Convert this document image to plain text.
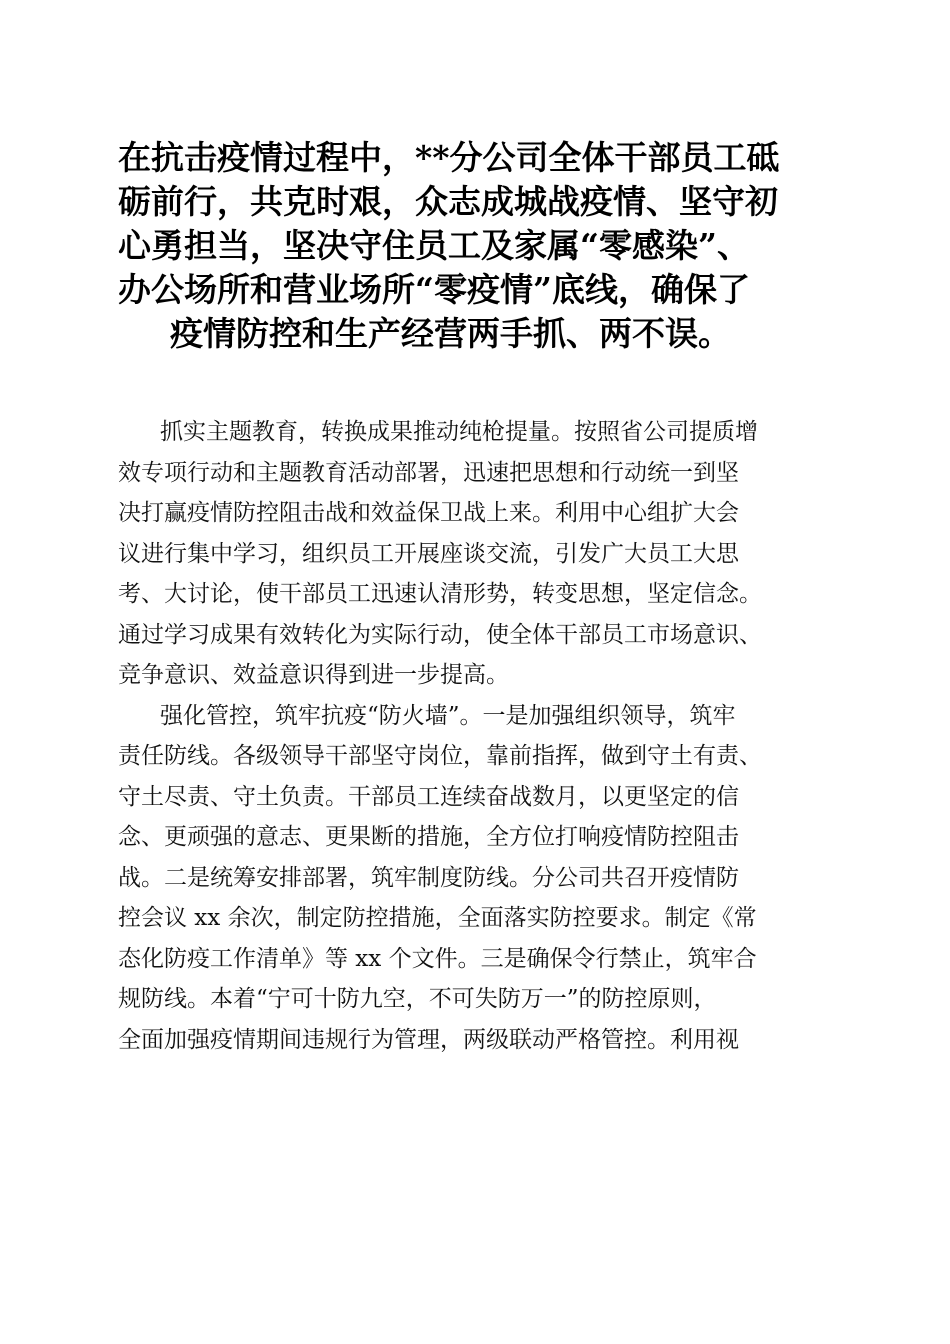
在抗击疫情过程中，**分公司全体干部员工砥
砺前行，共克时艰，众志成城战疫情、坚守初
心勇担当，坚决守住员工及家属“零感染”、
办公场所和营业场所“零疫情”底线，确保了
疫情防控和生产经营两手抓、两不误。
抓实主题教育，转换成果推动纯枪提量。按照省公司提质增
效专项行动和主题教育活动部署，迅速把思想和行动统一到坚
决打赢疫情防控阻击战和效益保卫战上来。利用中心组扩大会
议进行集中学习，组织员工开展座谈交流，引发广大员工大思
考、大讨论，使干部员工迅速认清形势，转变思想，坚定信念。
通过学习成果有效转化为实际行动，使全体干部员工市场意识、
竞争意识、效益意识得到进一步提高。
强化管控，筑牢抗疫“防火墙”。一是加强组织领导，筑牢
责任防线。各级领导干部坚守岗位，靠前指挥，做到守土有责、
守土尽责、守土负责。干部员工连续奋战数月，以更坚定的信
念、更顽强的意志、更果断的措施，全方位打响疫情防控阻击
战。二是统筹安排部署，筑牢制度防线。分公司共召开疫情防
控会议 xx 余次，制定防控措施，全面落实防控要求。制定《常
态化防疫工作清单》等 xx 个文件。三是确保令行禁止，筑牢合
规防线。本着“宁可十防九空，不可失防万一”的防控原则，
全面加强疫情期间违规行为管理，两级联动严格管控。利用视
